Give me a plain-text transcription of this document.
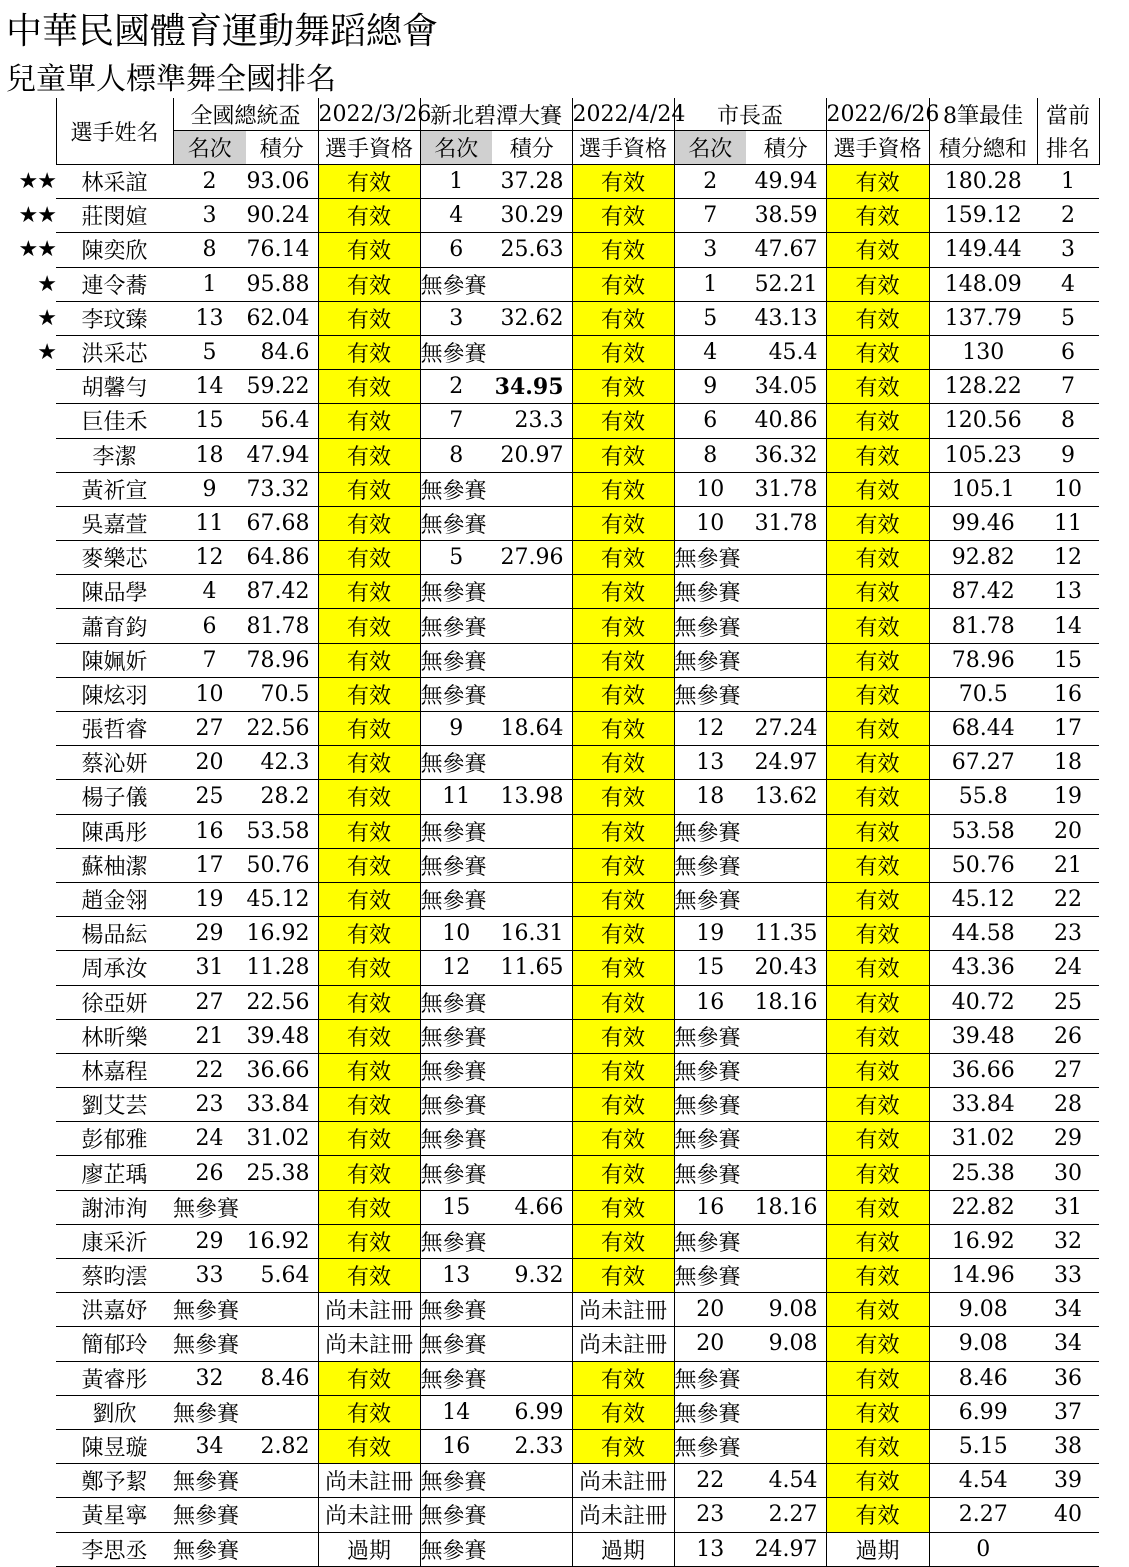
中華民國體育運動舞蹈總會
兒童單人標準舞全國排名
	選手姓名	全國總統盃		2022/3/26	新北碧潭大賽		2022/4/24	市長盃		2022/6/26	8筆最佳	當前
		名次	積分	選手資格	名次	積分	選手資格	名次	積分	選手資格	積分總和	排名
★★	林采誼	2	93.06	有效	1	37.28	有效	2	49.94	有效	180.28	1
★★	莊閔媗	3	90.24	有效	4	30.29	有效	7	38.59	有效	159.12	2
★★	陳奕欣	8	76.14	有效	6	25.63	有效	3	47.67	有效	149.44	3
★	連令蕎	1	95.88	有效	無參賽		有效	1	52.21	有效	148.09	4
★	李玟臻	13	62.04	有效	3	32.62	有效	5	43.13	有效	137.79	5
★	洪采芯	5	84.6	有效	無參賽		有效	4	45.4	有效	130	6
	胡馨勻	14	59.22	有效	2	34.95	有效	9	34.05	有效	128.22	7
	巨佳禾	15	56.4	有效	7	23.3	有效	6	40.86	有效	120.56	8
	李潔	18	47.94	有效	8	20.97	有效	8	36.32	有效	105.23	9
	黃祈宣	9	73.32	有效	無參賽		有效	10	31.78	有效	105.1	10
	吳嘉萱	11	67.68	有效	無參賽		有效	10	31.78	有效	99.46	11
	麥樂芯	12	64.86	有效	5	27.96	有效	無參賽		有效	92.82	12
	陳品學	4	87.42	有效	無參賽		有效	無參賽		有效	87.42	13
	蕭育鈞	6	81.78	有效	無參賽		有效	無參賽		有效	81.78	14
	陳姵妡	7	78.96	有效	無參賽		有效	無參賽		有效	78.96	15
	陳炫羽	10	70.5	有效	無參賽		有效	無參賽		有效	70.5	16
	張哲睿	27	22.56	有效	9	18.64	有效	12	27.24	有效	68.44	17
	蔡沁妍	20	42.3	有效	無參賽		有效	13	24.97	有效	67.27	18
	楊子儀	25	28.2	有效	11	13.98	有效	18	13.62	有效	55.8	19
	陳禹彤	16	53.58	有效	無參賽		有效	無參賽		有效	53.58	20
	蘇柚潔	17	50.76	有效	無參賽		有效	無參賽		有效	50.76	21
	趙金翎	19	45.12	有效	無參賽		有效	無參賽		有效	45.12	22
	楊品紜	29	16.92	有效	10	16.31	有效	19	11.35	有效	44.58	23
	周承汝	31	11.28	有效	12	11.65	有效	15	20.43	有效	43.36	24
	徐亞妍	27	22.56	有效	無參賽		有效	16	18.16	有效	40.72	25
	林昕樂	21	39.48	有效	無參賽		有效	無參賽		有效	39.48	26
	林嘉程	22	36.66	有效	無參賽		有效	無參賽		有效	36.66	27
	劉艾芸	23	33.84	有效	無參賽		有效	無參賽		有效	33.84	28
	彭郁雅	24	31.02	有效	無參賽		有效	無參賽		有效	31.02	29
	廖芷瑀	26	25.38	有效	無參賽		有效	無參賽		有效	25.38	30
	謝沛洵	無參賽		有效	15	4.66	有效	16	18.16	有效	22.82	31
	康采沂	29	16.92	有效	無參賽		有效	無參賽		有效	16.92	32
	蔡昀澐	33	5.64	有效	13	9.32	有效	無參賽		有效	14.96	33
	洪嘉妤	無參賽		尚未註冊	無參賽		尚未註冊	20	9.08	有效	9.08	34
	簡郁玲	無參賽		尚未註冊	無參賽		尚未註冊	20	9.08	有效	9.08	34
	黃睿彤	32	8.46	有效	無參賽		有效	無參賽		有效	8.46	36
	劉欣	無參賽		有效	14	6.99	有效	無參賽		有效	6.99	37
	陳昱璇	34	2.82	有效	16	2.33	有效	無參賽		有效	5.15	38
	鄭予絜	無參賽		尚未註冊	無參賽		尚未註冊	22	4.54	有效	4.54	39
	黃星寧	無參賽		尚未註冊	無參賽		尚未註冊	23	2.27	有效	2.27	40
	李思丞	無參賽		過期	無參賽		過期	13	24.97	過期	0	
